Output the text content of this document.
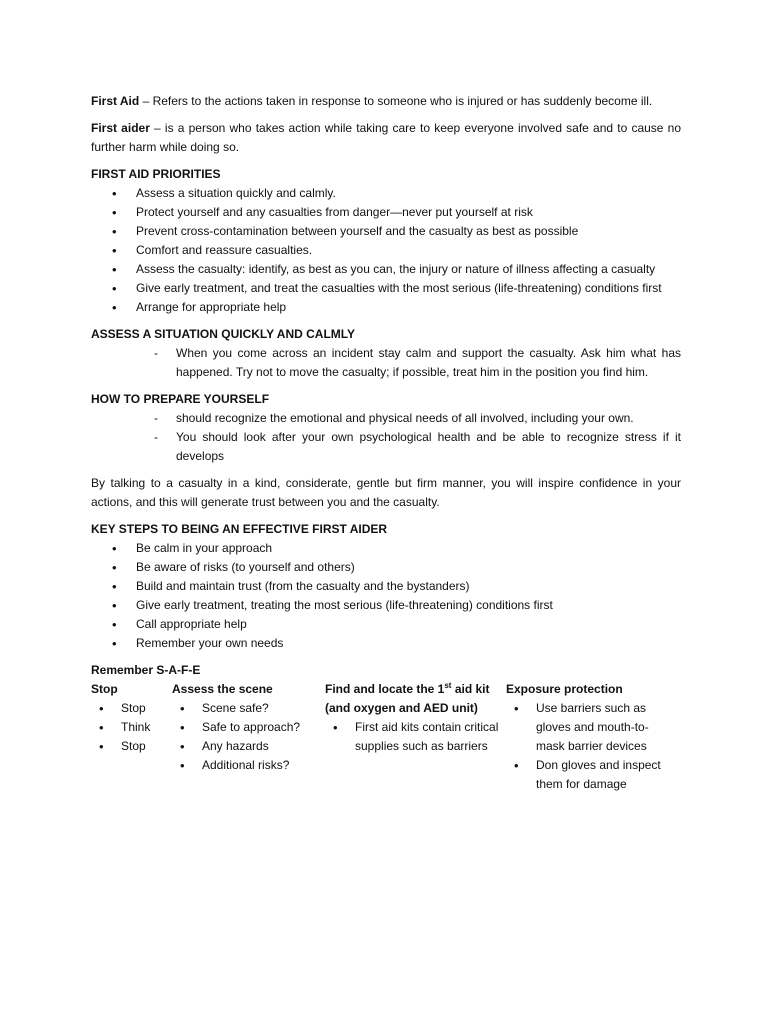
First Aid – Refers to the actions taken in response to someone who is injured or has suddenly become ill.

First aider – is a person who takes action while taking care to keep everyone involved safe and to cause no further harm while doing so.

FIRST AID PRIORITIES

• Assess a situation quickly and calmly.
• Protect yourself and any casualties from danger—never put yourself at risk
• Prevent cross-contamination between yourself and the casualty as best as possible
• Comfort and reassure casualties.
• Assess the casualty: identify, as best as you can, the injury or nature of illness affecting a casualty
• Give early treatment, and treat the casualties with the most serious (life-threatening) conditions first
• Arrange for appropriate help

ASSESS A SITUATION QUICKLY AND CALMLY

- When you come across an incident stay calm and support the casualty. Ask him what has happened. Try not to move the casualty; if possible, treat him in the position you find him.

HOW TO PREPARE YOURSELF

- should recognize the emotional and physical needs of all involved, including your own.
- You should look after your own psychological health and be able to recognize stress if it develops

By talking to a casualty in a kind, considerate, gentle but firm manner, you will inspire confidence in your actions, and this will generate trust between you and the casualty.

KEY STEPS TO BEING AN EFFECTIVE FIRST AIDER

• Be calm in your approach
• Be aware of risks (to yourself and others)
• Build and maintain trust (from the casualty and the bystanders)
• Give early treatment, treating the most serious (life-threatening) conditions first
• Call appropriate help
• Remember your own needs

Remember S-A-F-E

Stop
• Stop
• Think
• Stop
Assess the scene
• Scene safe?
• Safe to approach?
• Any hazards
• Additional risks?
Find and locate the 1st aid kit (and oxygen and AED unit)
• First aid kits contain critical supplies such as barriers
Exposure protection
• Use barriers such as gloves and mouth-to-mask barrier devices
• Don gloves and inspect them for damage
